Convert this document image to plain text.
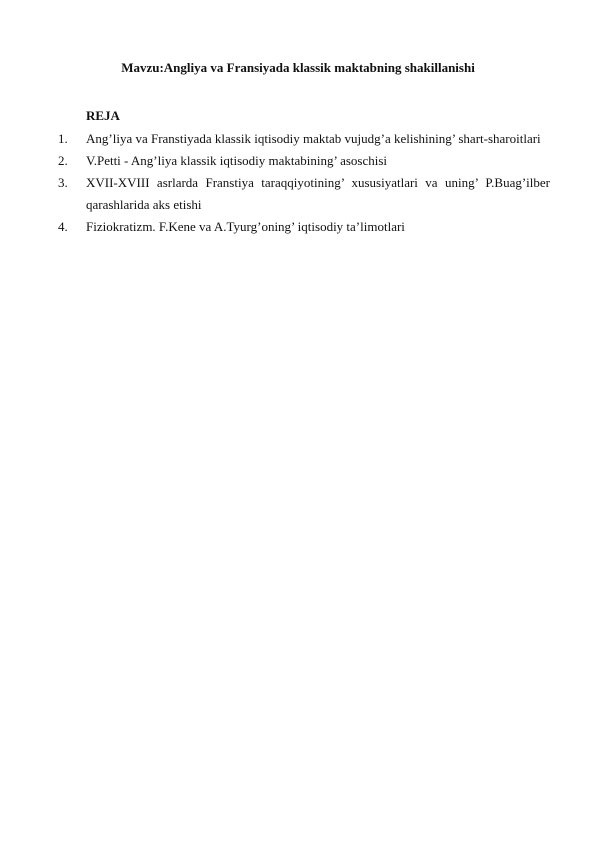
Mavzu:Angliya va Fransiyada klassik maktabning shakillanishi
REJA
1.	Ang’liya va Franstiyada klassik iqtisodiy maktab vujudg’a kelishining’ shart-sharoitlari
2.	V.Petti - Ang’liya klassik iqtisodiy maktabining’ asoschisi
3.	XVII-XVIII asrlarda Franstiya taraqqiyotining’ xususiyatlari va uning’ P.Buag’ilber qarashlarida aks etishi
4.	Fiziokratizm. F.Kene va A.Tyurg’oning’ iqtisodiy ta’limotlari
